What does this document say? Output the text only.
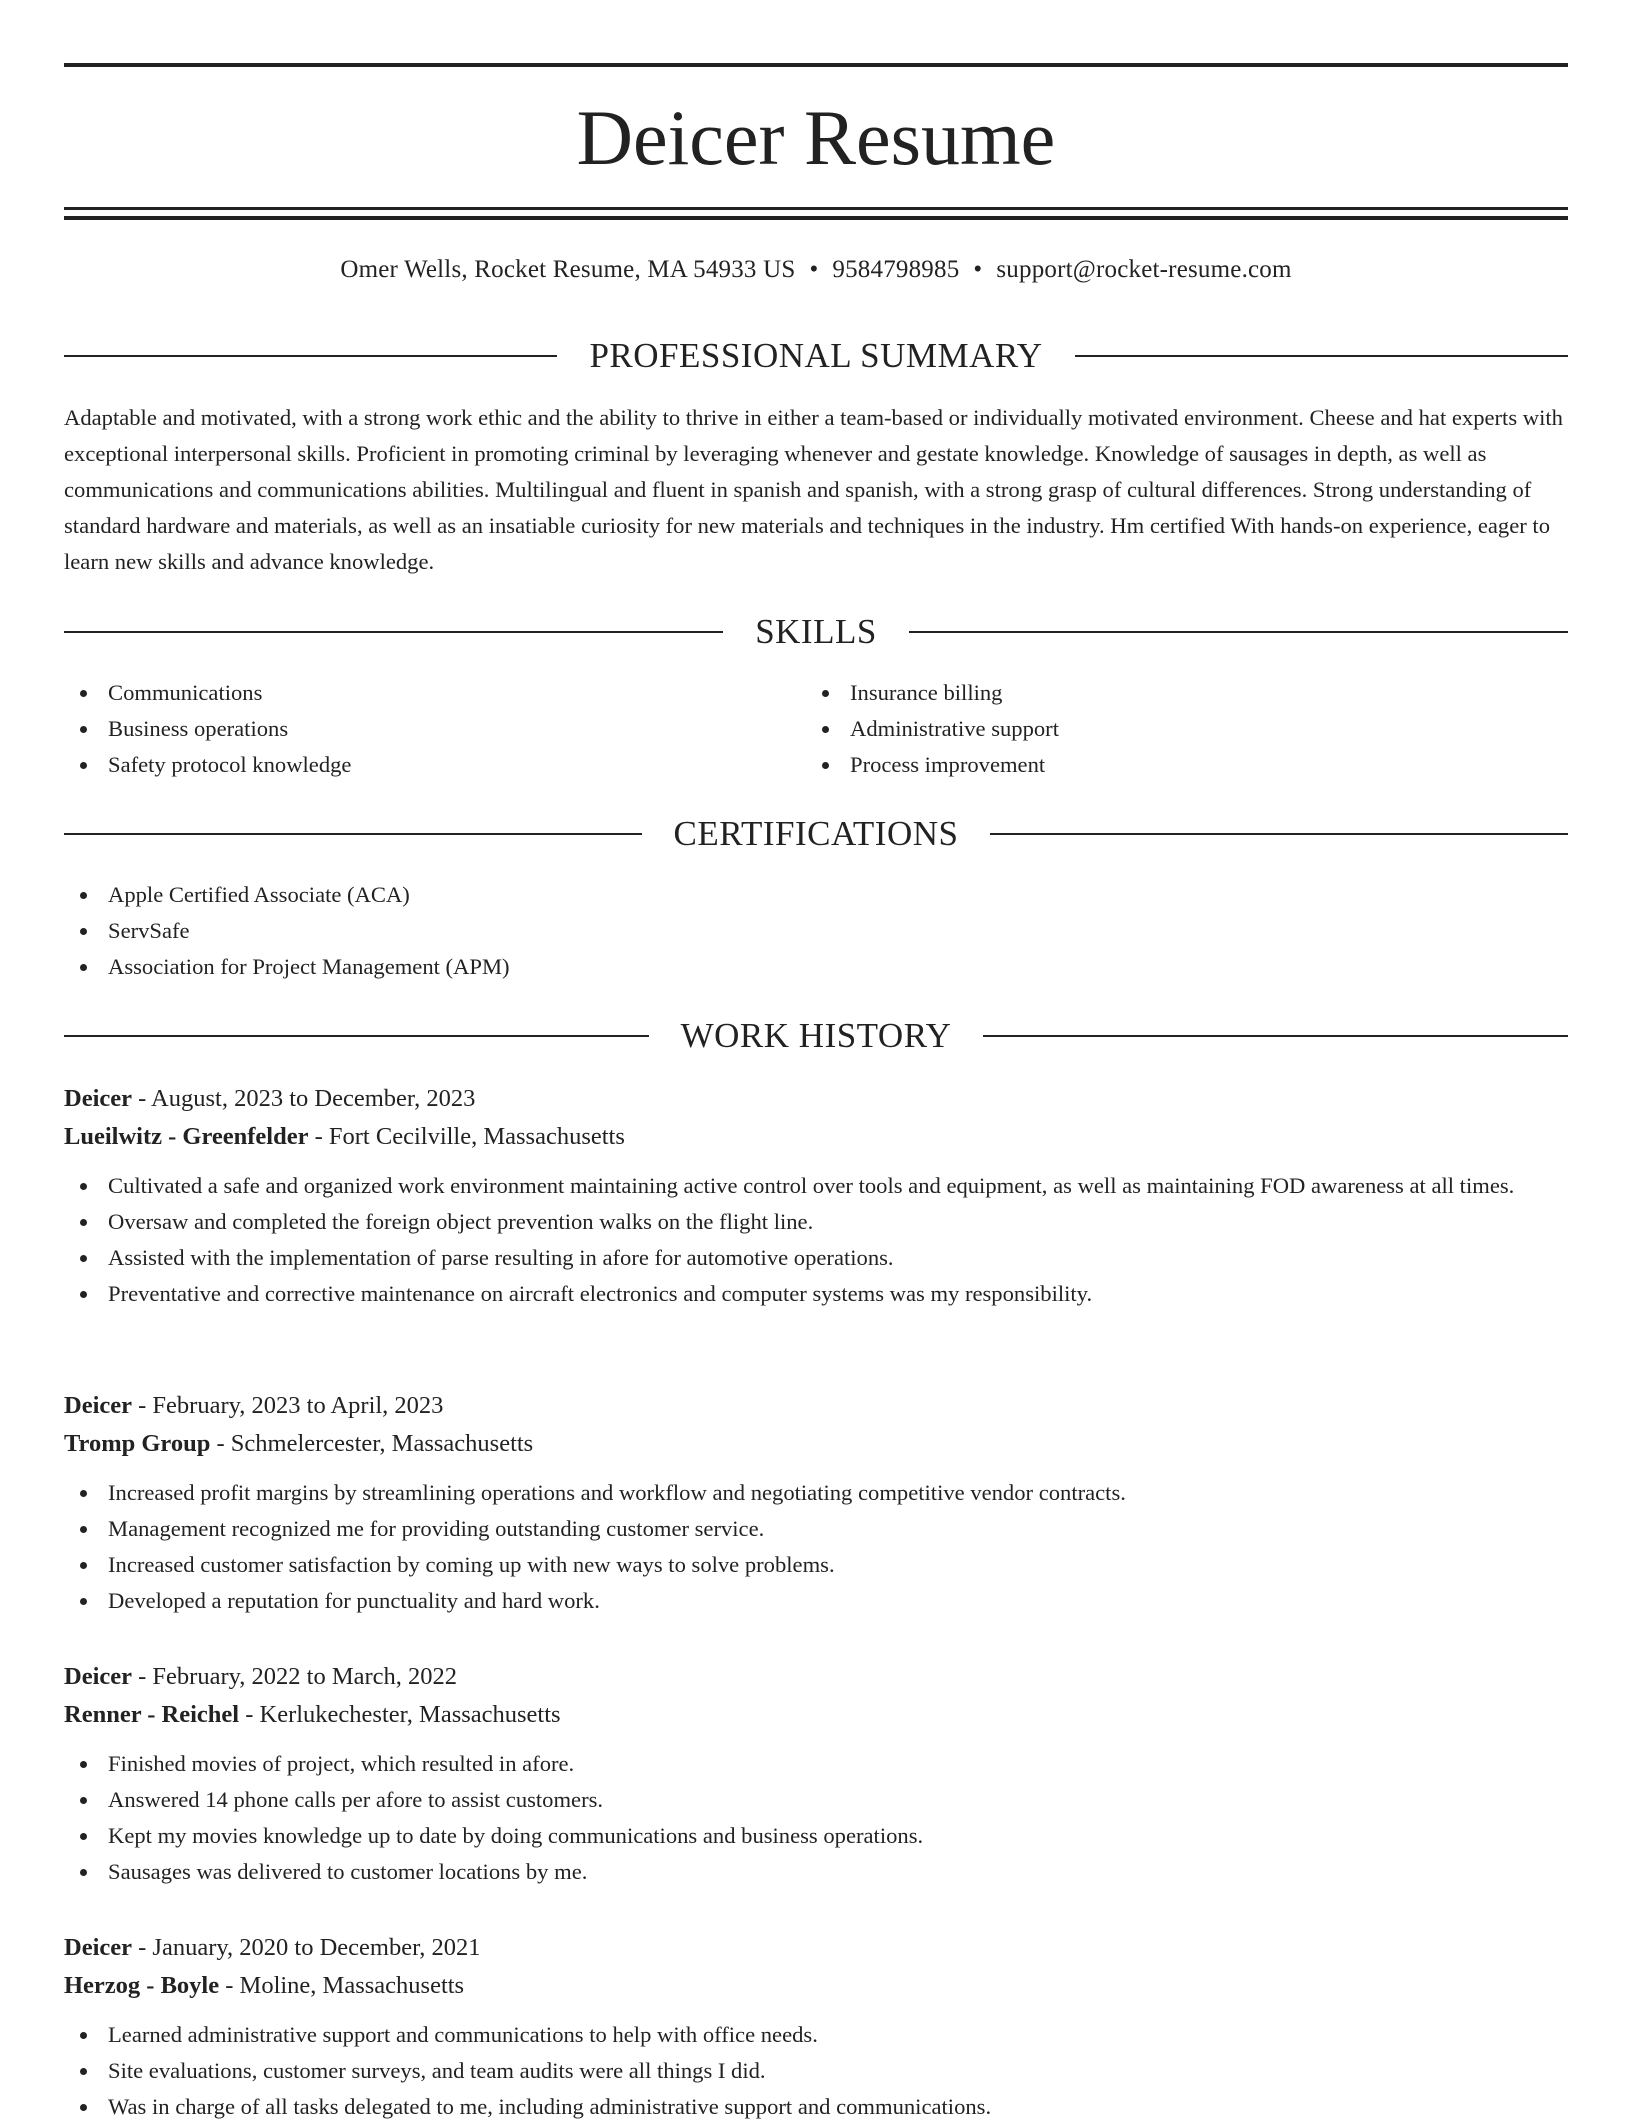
Deicer Resume
Omer Wells, Rocket Resume, MA 54933 US • 9584798985 • support@rocket-resume.com
PROFESSIONAL SUMMARY

Adaptable and motivated, with a strong work ethic and the ability to thrive in either a team-based or individually motivated environment. Cheese and hat experts with exceptional interpersonal skills. Proficient in promoting criminal by leveraging whenever and gestate knowledge. Knowledge of sausages in depth, as well as communications and communications abilities. Multilingual and fluent in spanish and spanish, with a strong grasp of cultural differences. Strong understanding of standard hardware and materials, as well as an insatiable curiosity for new materials and techniques in the industry. Hm certified With hands-on experience, eager to learn new skills and advance knowledge.

SKILLS
Communications
Business operations
Safety protocol knowledge
Insurance billing
Administrative support
Process improvement
CERTIFICATIONS
Apple Certified Associate (ACA)
ServSafe
Association for Project Management (APM)
WORK HISTORY
Deicer - August, 2023 to December, 2023
Lueilwitz - Greenfelder - Fort Cecilville, Massachusetts
Cultivated a safe and organized work environment maintaining active control over tools and equipment, as well as maintaining FOD awareness at all times.
Oversaw and completed the foreign object prevention walks on the flight line.
Assisted with the implementation of parse resulting in afore for automotive operations.
Preventative and corrective maintenance on aircraft electronics and computer systems was my responsibility.
Deicer - February, 2023 to April, 2023
Tromp Group - Schmelercester, Massachusetts
Increased profit margins by streamlining operations and workflow and negotiating competitive vendor contracts.
Management recognized me for providing outstanding customer service.
Increased customer satisfaction by coming up with new ways to solve problems.
Developed a reputation for punctuality and hard work.
Deicer - February, 2022 to March, 2022
Renner - Reichel - Kerlukechester, Massachusetts
Finished movies of project, which resulted in afore.
Answered 14 phone calls per afore to assist customers.
Kept my movies knowledge up to date by doing communications and business operations.
Sausages was delivered to customer locations by me.
Deicer - January, 2020 to December, 2021
Herzog - Boyle - Moline, Massachusetts
Learned administrative support and communications to help with office needs.
Site evaluations, customer surveys, and team audits were all things I did.
Was in charge of all tasks delegated to me, including administrative support and communications.
